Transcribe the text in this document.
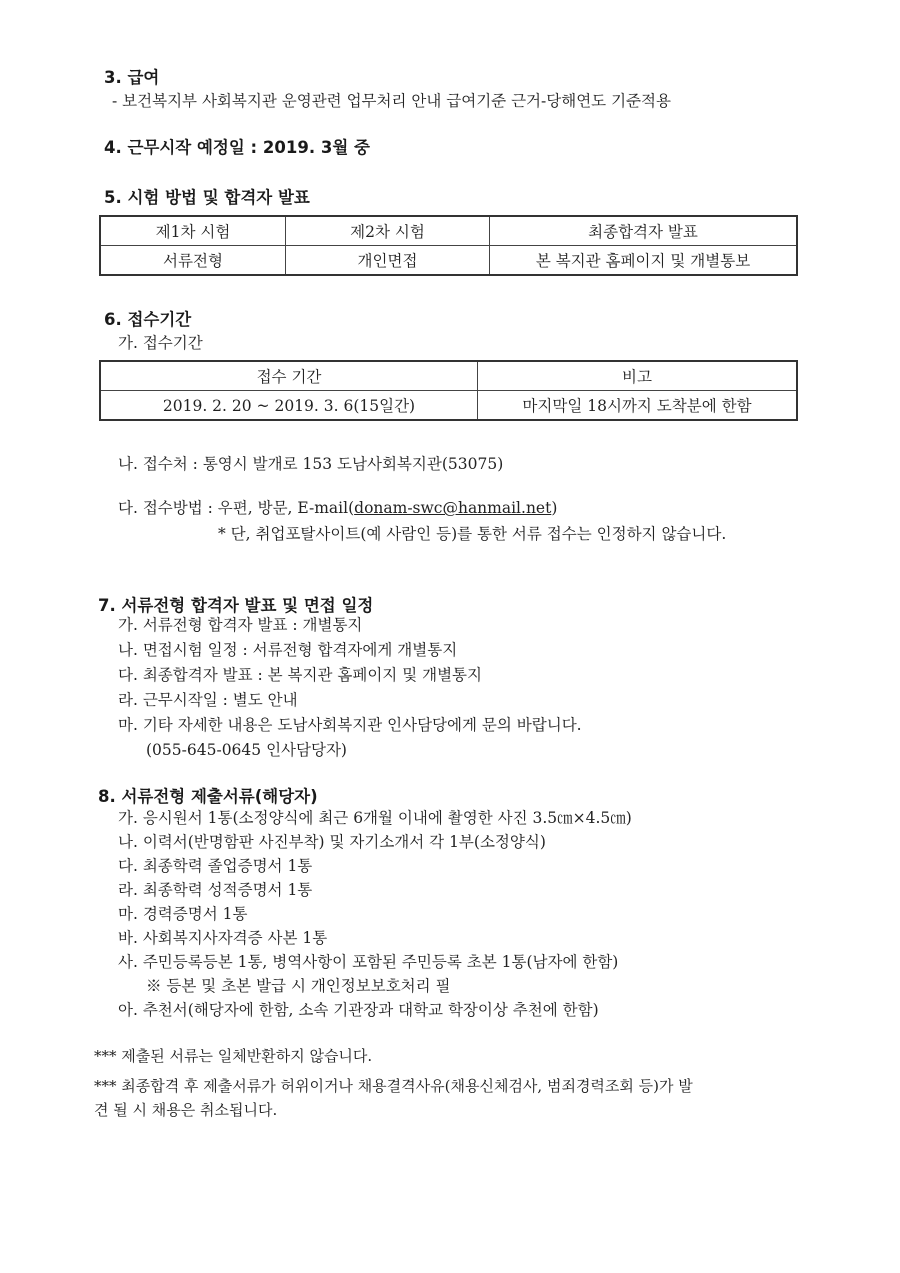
3. 급여
- 보건복지부 사회복지관 운영관련 업무처리 안내 급여기준 근거-당해연도 기준적용
4. 근무시작 예정일 : 2019. 3월 중
5. 시험 방법 및 합격자 발표
제1차 시험	제2차 시험	최종합격자 발표
서류전형	개인면접	본 복지관 홈페이지 및 개별통보
6. 접수기간
가. 접수기간
접수 기간	비고
2019. 2. 20 ~ 2019. 3. 6(15일간)	마지막일 18시까지 도착분에 한함
나. 접수처 : 통영시 발개로 153 도남사회복지관(53075)
다. 접수방법 : 우편, 방문, E-mail(donam-swc@hanmail.net)
* 단, 취업포탈사이트(예 사람인 등)를 통한 서류 접수는 인정하지 않습니다.
7. 서류전형 합격자 발표 및 면접 일정
가. 서류전형 합격자 발표 : 개별통지
나. 면접시험 일정 : 서류전형 합격자에게 개별통지
다. 최종합격자 발표 : 본 복지관 홈페이지 및 개별통지
라. 근무시작일 : 별도 안내
마. 기타 자세한 내용은 도남사회복지관 인사담당에게 문의 바랍니다.
(055-645-0645 인사담당자)
8. 서류전형 제출서류(해당자)
가. 응시원서 1통(소정양식에 최근 6개월 이내에 촬영한 사진 3.5㎝×4.5㎝)
나. 이력서(반명함판 사진부착) 및 자기소개서 각 1부(소정양식)
다. 최종학력 졸업증명서 1통
라. 최종학력 성적증명서 1통
마. 경력증명서 1통
바. 사회복지사자격증 사본 1통
사. 주민등록등본 1통, 병역사항이 포함된 주민등록 초본 1통(남자에 한함)
※ 등본 및 초본 발급 시 개인정보보호처리 필
아. 추천서(해당자에 한함, 소속 기관장과 대학교 학장이상 추천에 한함)
*** 제출된 서류는 일체반환하지 않습니다.
*** 최종합격 후 제출서류가 허위이거나 채용결격사유(채용신체검사, 범죄경력조회 등)가 발
견 될 시 채용은 취소됩니다.
